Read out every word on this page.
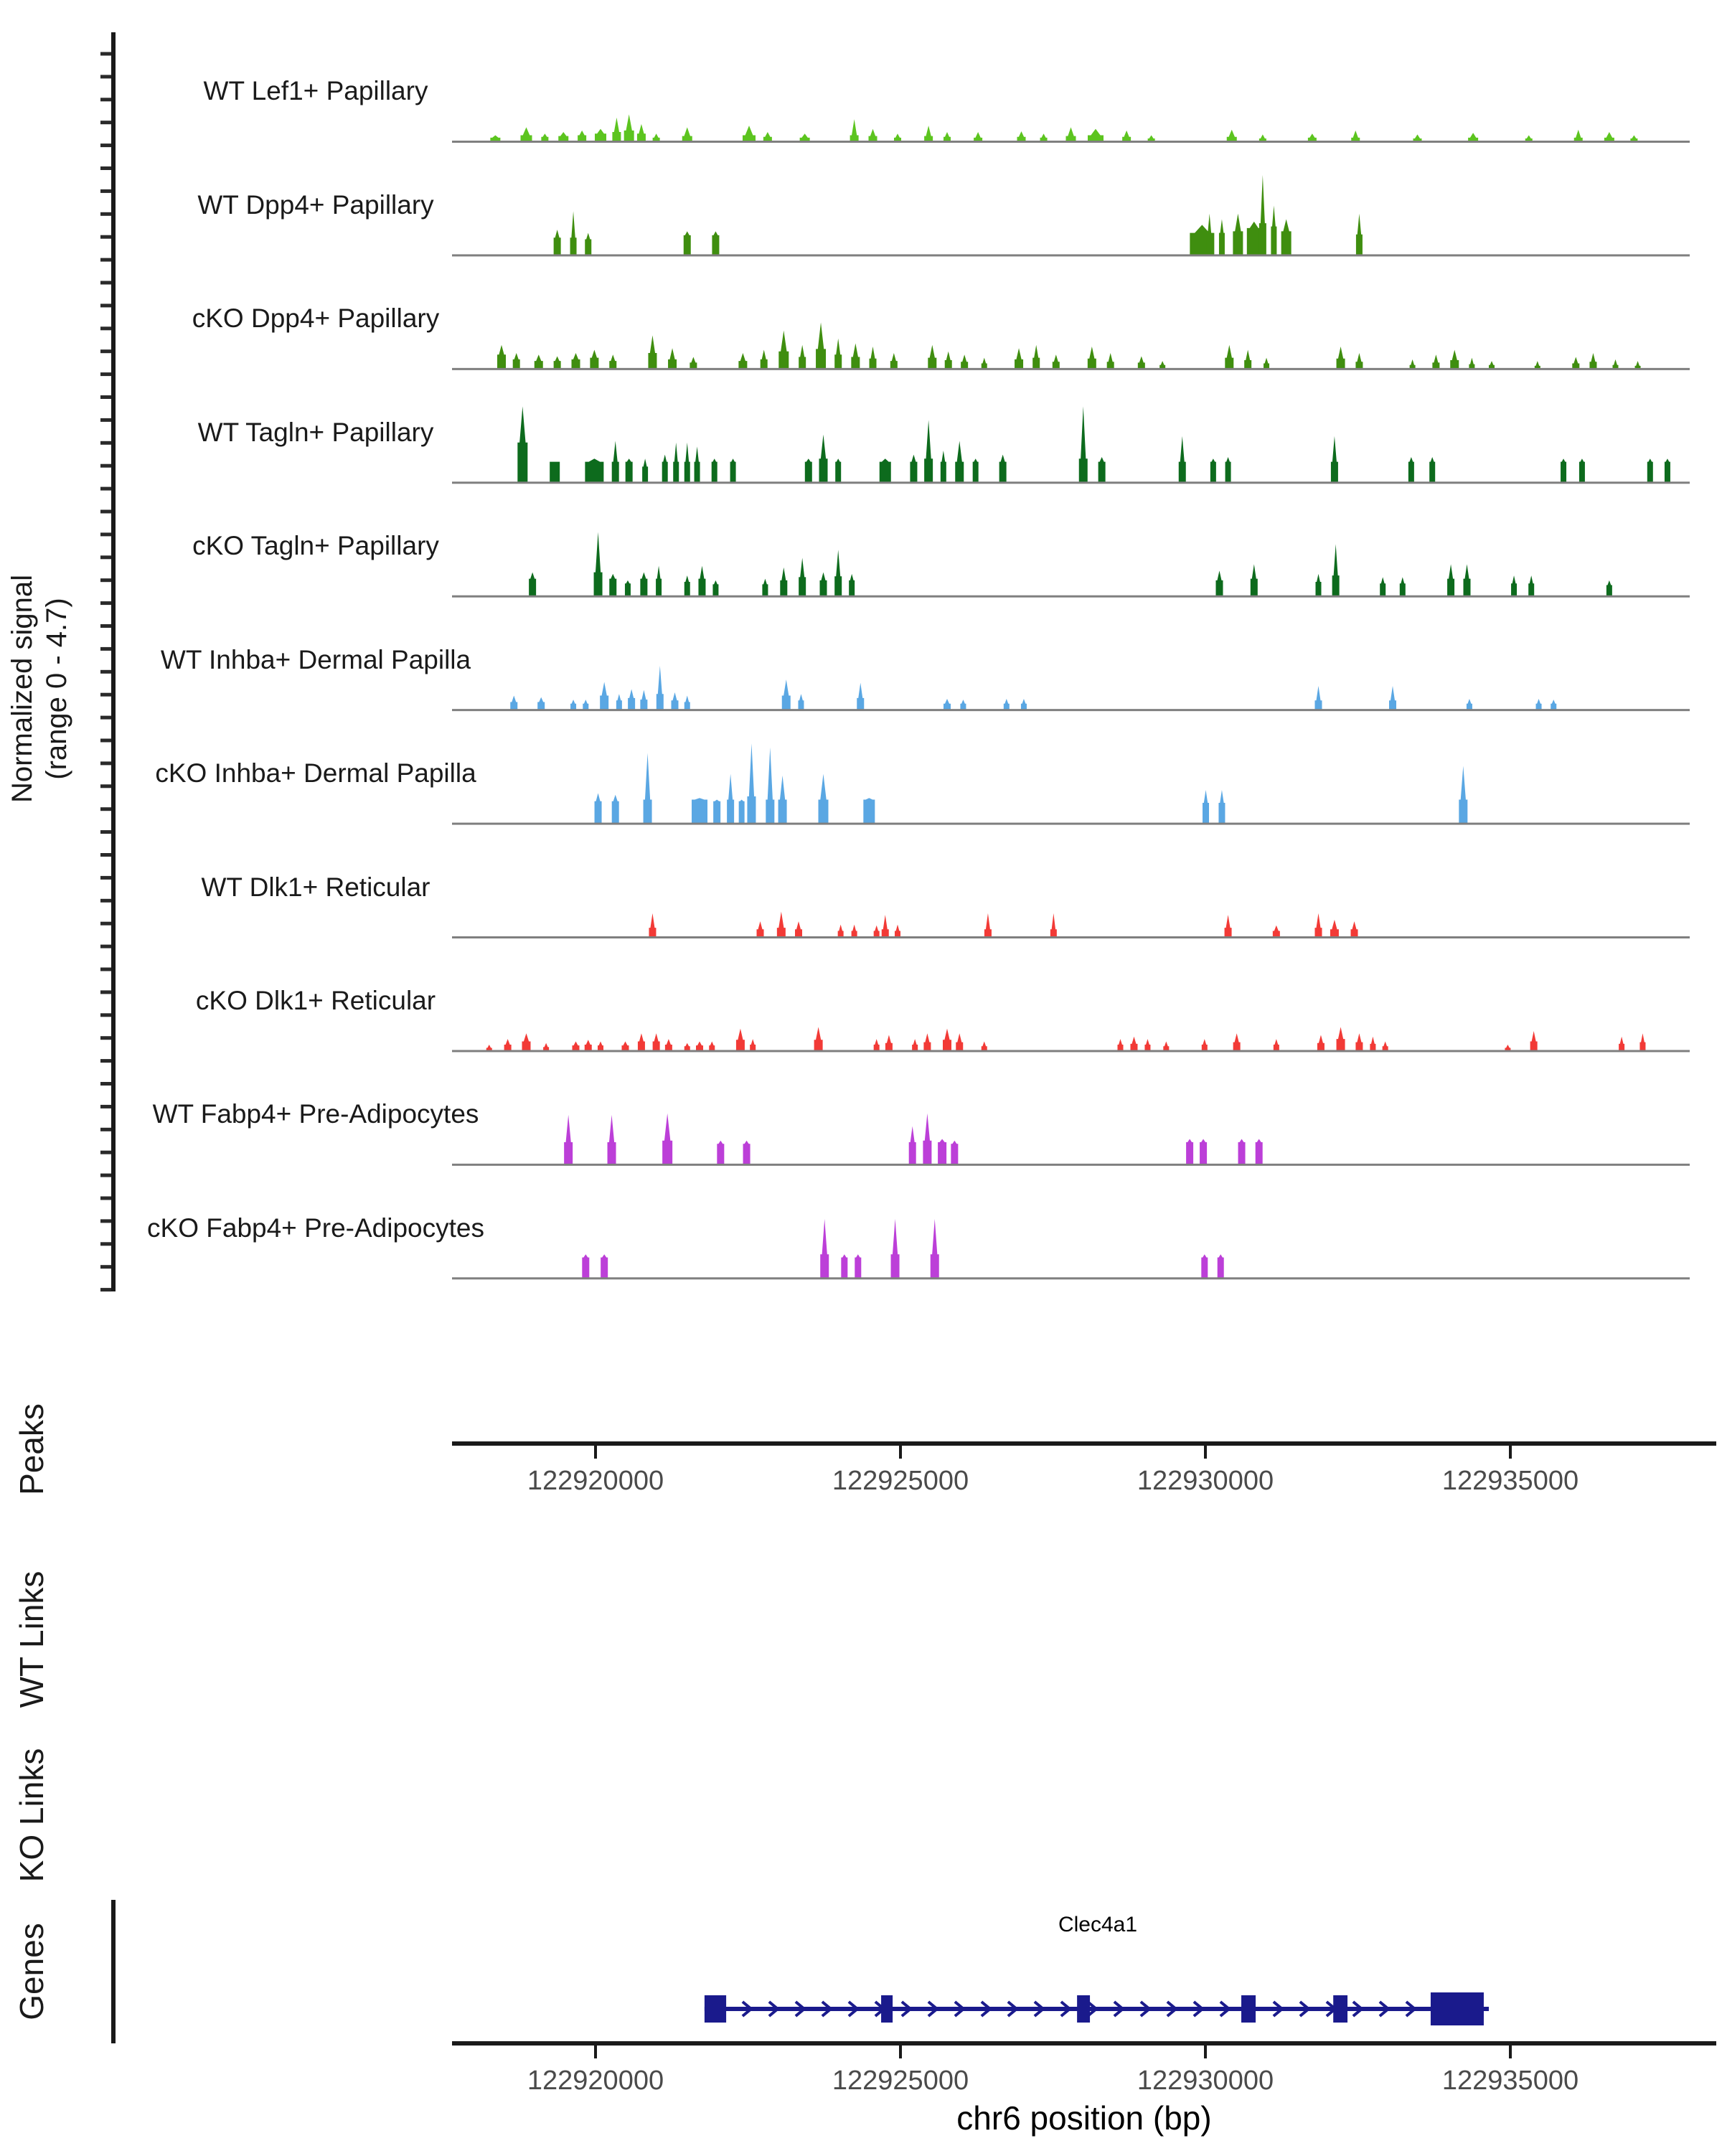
Normalized signal (range 0 - 4.7)
WT Lef1+ Papillary
WT Dpp4+ Papillary
cKO Dpp4+ Papillary
WT Tagln+ Papillary
cKO Tagln+ Papillary
WT Inhba+ Dermal Papilla
cKO Inhba+ Dermal Papilla
WT Dlk1+ Reticular
cKO Dlk1+ Reticular
WT Fabp4+ Pre-Adipocytes
cKO Fabp4+ Pre-Adipocytes
Peaks
WT Links
KO Links
Genes
122920000	122925000	122930000	122935000
122920000	122925000	122930000	122935000
Clec4a1
chr6 position (bp)
